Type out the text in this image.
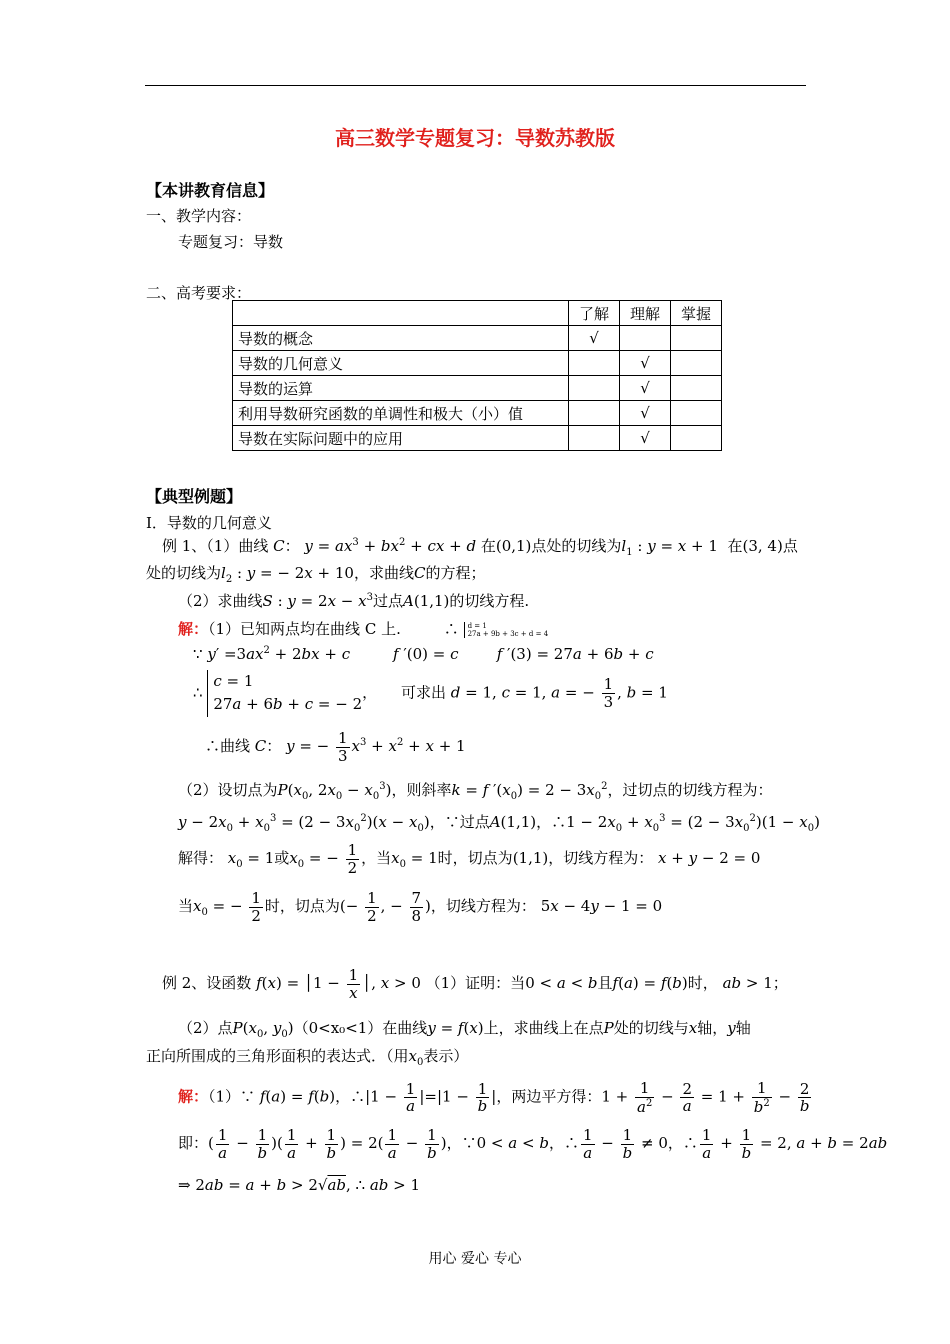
高三数学专题复习：导数苏教版
【本讲教育信息】
一、教学内容：
专题复习：导数
二、高考要求：
	了解	理解	掌握
导数的概念	√		
导数的几何意义		√	
导数的运算		√	
利用导数研究函数的单调性和极大（小）值		√	
导数在实际问题中的应用		√	
【典型例题】
I．导数的几何意义
例 1、（1）曲线 C： $y = ax^3 + bx^2$ + cx + d 在(0,1)点处的切线为$l_1$ : y = x + 1 在(3, 4)点
处的切线为$l_2$ : y = − 2x + 10，求曲线C的方程；
（2）求曲线S : $y = 2x - x^3$过点A(1,1)的切线方程.
解：（1）已知两点均在曲线 C 上.	∴ d = 1
27a + 9b + 3c + d = 4
∵ $y' =3ax^2 + 2bx + c$	f ′(0) = c	f ′(3) = 27a + 6b + c
∴ c = 1
27a + 6b + c = − 2，     可求出 d = 1, c = 1, a = − $\frac{1}{3}$ , b = 1
∴曲线 C： y = − $\frac{1}{3} x^3 + x^2 + x + 1$
（2）设切点为$P(x_0$, $2x_0 - x_0^3$)，则斜率k = f $'(x_0) = 2 - 3x_0^2$，过切点的切线方程为：
$y - 2x_0 + x_0^3 = (2 - 3x_0^2)(x - x_0)$，∵过点A(1,1)，∴1 − $2x_0 + x_0^3 = (2 - 3x_0^2)(1 - x_0)$
解得： $x_0 = 1$或$x_0$ = − $\frac{1}{2}$ ，当$x_0 = 1$时，切点为(1,1)，切线方程为： x + y − 2 = 0
当$x_0$ = − $\frac{1}{2}$ 时，切点为(− $\frac{1}{2}$ , − $\frac{7}{8}$ )，切线方程为： 5x − 4y − 1 = 0
例 2、设函数 f(x) = │1 − $\frac{1}{x}$ │, x > 0 （1）证明：当0 < a < b且f(a) = f(b)时， ab > 1；
（2）点$P(x_0$, $y_0)(0<x_0<1)$在曲线y = f(x)上，求曲线上在点P处的切线与x轴，y轴
正向所围成的三角形面积的表达式．（用$x_0$表示）
解：（1）∵ f(a) = f(b)，∴|1 − $\frac{1}{a} |=|1 - \frac{1}{b}$ |，两边平方得：$1 + \frac{1}{a^2} - \frac{2}{a} = 1 + \frac{1}{b^2} - \frac{2}{b}$
即：( $\frac{1}{a} - \frac{1}{b}$ )( $\frac{1}{a} + \frac{1}{b}$ ) = $2( \frac{1}{a} - \frac{1}{b}$ )，∵0 < a < b，∴ $\frac{1}{a} - \frac{1}{b} \ne 0$，∴ $\frac{1}{a} + \frac{1}{b} = 2$, a + b = 2ab
⇒ 2ab = a + b > 2√ab, ∴ ab > 1
用心 爱心 专心
